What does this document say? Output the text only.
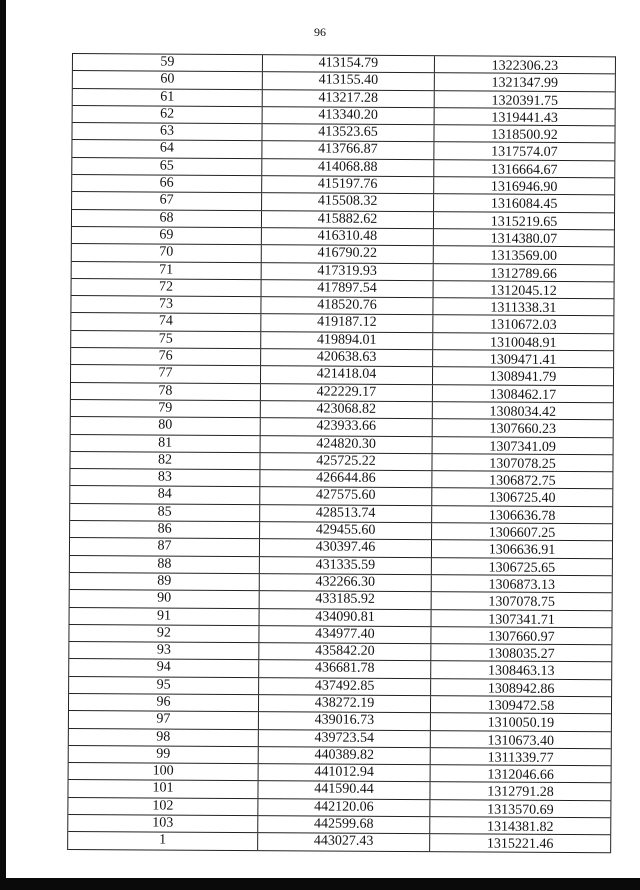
96
59	413154.79	1322306.23
60	413155.40	1321347.99
61	413217.28	1320391.75
62	413340.20	1319441.43
63	413523.65	1318500.92
64	413766.87	1317574.07
65	414068.88	1316664.67
66	415197.76	1316946.90
67	415508.32	1316084.45
68	415882.62	1315219.65
69	416310.48	1314380.07
70	416790.22	1313569.00
71	417319.93	1312789.66
72	417897.54	1312045.12
73	418520.76	1311338.31
74	419187.12	1310672.03
75	419894.01	1310048.91
76	420638.63	1309471.41
77	421418.04	1308941.79
78	422229.17	1308462.17
79	423068.82	1308034.42
80	423933.66	1307660.23
81	424820.30	1307341.09
82	425725.22	1307078.25
83	426644.86	1306872.75
84	427575.60	1306725.40
85	428513.74	1306636.78
86	429455.60	1306607.25
87	430397.46	1306636.91
88	431335.59	1306725.65
89	432266.30	1306873.13
90	433185.92	1307078.75
91	434090.81	1307341.71
92	434977.40	1307660.97
93	435842.20	1308035.27
94	436681.78	1308463.13
95	437492.85	1308942.86
96	438272.19	1309472.58
97	439016.73	1310050.19
98	439723.54	1310673.40
99	440389.82	1311339.77
100	441012.94	1312046.66
101	441590.44	1312791.28
102	442120.06	1313570.69
103	442599.68	1314381.82
1	443027.43	1315221.46
